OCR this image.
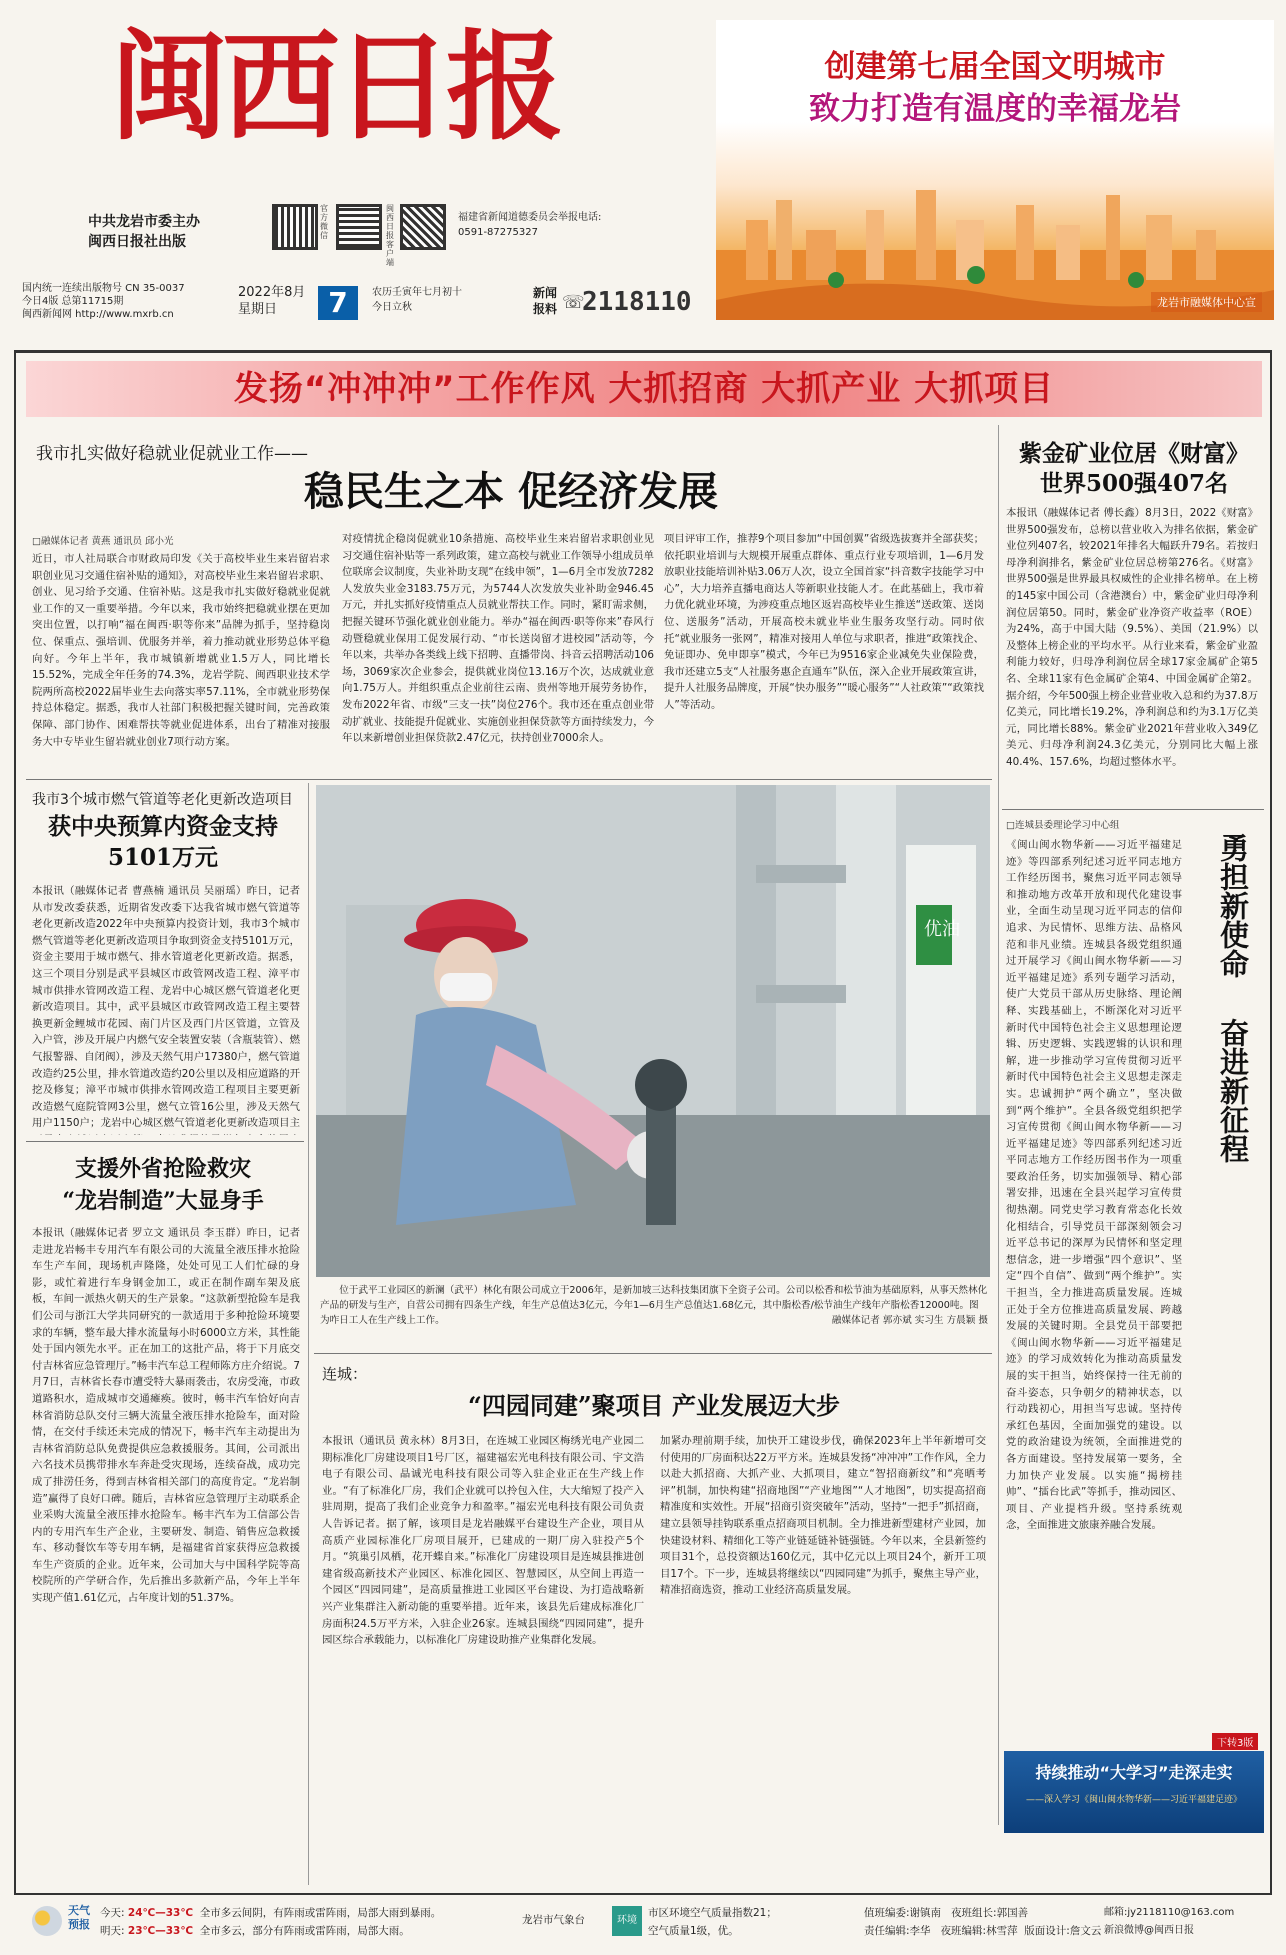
闽西日报
中共龙岩市委主办
闽西日报社出版
官方微信
闽西日报客户端
福建省新闻道德委员会举报电话:
0591-87275327
国内统一连续出版物号 CN 35-0037
今日4版 总第11715期
闽西新闻网 http://www.mxrb.cn
2022年8月
星期日
农历壬寅年七月初十
今日立秋
7	新闻
报料 ☏
2118110
创建第七届全国文明城市
致力打造有温度的幸福龙岩
龙岩市融媒体中心宣
发扬“冲冲冲”工作作风 大抓招商 大抓产业 大抓项目
我市扎实做好稳就业促就业工作——
稳民生之本 促经济发展
□融媒体记者 黄燕 通讯员 邱小光
近日，市人社局联合市财政局印发《关于高校毕业生来岩留岩求职创业见习交通住宿补贴的通知》，对高校毕业生来岩留岩求职、创业、见习给予交通、住宿补贴。这是我市扎实做好稳就业促就业工作的又一重要举措。今年以来，我市始终把稳就业摆在更加突出位置，以打响“福在闽西·职等你来”品牌为抓手，坚持稳岗位、保重点、强培训、优服务并举，着力推动就业形势总体平稳向好。今年上半年，我市城镇新增就业1.5万人，同比增长15.52%，完成全年任务的74.3%，龙岩学院、闽西职业技术学院两所高校2022届毕业生去向落实率57.11%，全市就业形势保持总体稳定。据悉，我市人社部门积极把握关键时间，完善政策保障、部门协作、困难帮扶等就业促进体系，出台了精准对接服务大中专毕业生留岩就业创业7项行动方案。
对疫情扰企稳岗促就业10条措施、高校毕业生来岩留岩求职创业见习交通住宿补贴等一系列政策，建立高校与就业工作领导小组成员单位联席会议制度，失业补助支现“在线申领”，1—6月全市发放7282人发放失业金3183.75万元，为5744人次发放失业补助金946.45万元，并扎实抓好疫情重点人员就业帮扶工作。同时，紧盯需求侧，把握关键环节强化就业创业能力。举办“福在闽西·职等你来”春风行动暨稳就业保用工促发展行动、“市长送岗留才进校园”活动等，今年以来，共举办各类线上线下招聘、直播带岗、抖音云招聘活动106场，3069家次企业参会，提供就业岗位13.16万个次，达成就业意向1.75万人。并组织重点企业前往云南、贵州等地开展劳务协作，发布2022年省、市级“三支一扶”岗位276个。我市还在重点创业带动扩就业、技能提升促就业、实施创业担保贷款等方面持续发力，今年以来新增创业担保贷款2.47亿元，扶持创业7000余人。
项目评审工作，推荐9个项目参加“中国创翼”省级选拔赛并全部获奖；依托职业培训与大规模开展重点群体、重点行业专项培训，1—6月发放职业技能培训补贴3.06万人次，设立全国首家“抖音数字技能学习中心”，大力培养直播电商达人等新职业技能人才。在此基础上，我市着力优化就业环境，为涉疫重点地区返岩高校毕业生推送“送政策、送岗位、送服务”活动，开展高校未就业毕业生服务攻坚行动。同时依托“就业服务一张网”，精准对接用人单位与求职者，推进“政策找企、免证即办、免申即享”模式，今年已为9516家企业减免失业保险费，我市还建立5支“人社服务惠企直通车”队伍，深入企业开展政策宣讲，提升人社服务品牌度，开展“快办服务”“暖心服务”“人社政策”“政策找人”等活动。
紫金矿业位居《财富》
世界500强407名
本报讯（融媒体记者 傅长鑫）8月3日，2022《财富》世界500强发布，总榜以营业收入为排名依据，紫金矿业位列407名，较2021年排名大幅跃升79名。若按归母净利润排名，紫金矿业位居总榜第276名。《财富》世界500强是世界最具权威性的企业排名榜单。在上榜的145家中国公司（含港澳台）中，紫金矿业归母净利润位居第50。同时，紫金矿业净资产收益率（ROE）为24%，高于中国大陆（9.5%）、美国（21.9%）以及整体上榜企业的平均水平。从行业来看，紫金矿业盈利能力较好，归母净利润位居全球17家金属矿企第5名、全球11家有色金属矿企第4、中国金属矿企第2。据介绍，今年500强上榜企业营业收入总和约为37.8万亿美元，同比增长19.2%，净利润总和约为3.1万亿美元，同比增长88%。紫金矿业2021年营业收入349亿美元、归母净利润24.3亿美元，分别同比大幅上涨40.4%、157.6%，均超过整体水平。
我市3个城市燃气管道等老化更新改造项目
获中央预算内资金支持
5101万元
本报讯（融媒体记者 曹燕楠 通讯员 吴丽瑶）昨日，记者从市发改委获悉，近期省发改委下达我省城市燃气管道等老化更新改造2022年中央预算内投资计划，我市3个城市燃气管道等老化更新改造项目争取到资金支持5101万元，资金主要用于城市燃气、排水管道老化更新改造。据悉，这三个项目分别是武平县城区市政管网改造工程、漳平市城市供排水管网改造工程、龙岩中心城区燃气管道老化更新改造项目。其中，武平县城区市政管网改造工程主要替换更新金鲤城市花园、南门片区及西门片区管道，立管及入户管，涉及开展户内燃气安全装置安装（含瓶装管）、燃气报警器、自闭阀），涉及天然气用户17380户，燃气管道改造约25公里，排水管道改造约20公里以及相应道路的开挖及修复；漳平市城市供排水管网改造工程项目主要更新改造燃气庭院管网3公里，燃气立管16公里，涉及天然气用户1150户；龙岩中心城区燃气管道老化更新改造项目主
支援外省抢险救灾
“龙岩制造”大显身手
本报讯（融媒体记者 罗立文 通讯员 李玉群）昨日，记者走进龙岩畅丰专用汽车有限公司的大流量全液压排水抢险车生产车间，现场机声隆隆，处处可见工人们忙碌的身影，或忙着进行车身钢金加工，或正在制作副车架及底板，车间一派热火朝天的生产景象。“这款新型抢险车是我们公司与浙江大学共同研究的一款适用于多种抢险环境要求的车辆，整车最大排水流量每小时6000立方米，其性能处于国内领先水平。正在加工的这批产品，将于下月底交付吉林省应急管理厅。”畅丰汽车总工程师陈方庄介绍说。7月7日，吉林省长春市遭受特大暴雨袭击，农房受淹，市政道路积水，造成城市交通瘫痪。彼时，畅丰汽车恰好向吉林省消防总队交付三辆大流量全液压排水抢险车，面对险情，在交付手续还未完成的情况下，畅丰汽车主动提出为吉林省消防总队免费提供应急救援服务。其间，公司派出六名技术员携带排水车奔赴受灾现场，连续奋战，成功完成了排涝任务，得到吉林省相关部门的高度肯定。“龙岩制造”赢得了良好口碑。随后，吉林省应急管理厅主动联系企业采购大流量全液压排水抢险车。畅丰汽车为工信部公告内的专用汽车生产企业，主要研发、制造、销售应急救援车、移动餐饮车等专用车辆，是福建省首家获得应急救援车生产资质的企业。近年来，公司加大与中国科学院等高校院所的产学研合作，先后推出多款新产品，今年上半年实现产值1.61亿元，占年度计划的51.37%。
优油
位于武平工业园区的新澜（武平）林化有限公司成立于2006年，是新加坡三达科技集团旗下全资子公司。公司以松香和松节油为基础原料，从事天然林化产品的研发与生产，自营公司拥有四条生产线，年生产总值达3亿元，今年1—6月生产总值达1.68亿元，其中脂松香/松节油生产线年产脂松香12000吨。图为咋日工人在生产线上工作。	融媒体记者 郭亦斌 实习生 方晨颖 摄
连城：
“四园同建”聚项目 产业发展迈大步
本报讯（通讯员 黄永林）8月3日，在连城工业园区梅绣光电产业园二期标准化厂房建设项目1号厂区，福建福宏光电科技有限公司、宇文浩电子有限公司、晶诚光电科技有限公司等入驻企业正在生产线上作业。“有了标准化厂房，我们企业就可以拎包入住，大大缩短了投产入驻周期，提高了我们企业竞争力和盈率。”福宏光电科技有限公司负责人告诉记者。据了解，该项目是龙岩融媒平台建设生产企业，项目从高质产业园标准化厂房项目展开，已建成的一期厂房入驻投产5个月。“筑巢引凤栖，花开蝶自来。”标准化厂房建设项目是连城县推进创建省级高新技术产业园区、标准化园区、智慧园区，从空间上再造一个园区“四园同建”，是高质量推进工业园区平台建设、为打造战略新兴产业集群注入新动能的重要举措。近年来，该县先后建成标准化厂房面积24.5万平方米，入驻企业26家。连城县围绕“四园同建”，提升园区综合承载能力，以标准化厂房建设助推产业集群化发展。
加紧办理前期手续，加快开工建设步伐，确保2023年上半年新增可交付使用的厂房面积达22万平方米。连城县发扬“冲冲冲”工作作风，全力以赴大抓招商、大抓产业、大抓项目，建立“智招商新纹”和“亮晒考评”机制，加快构建“招商地图”“产业地图”“人才地图”，切实提高招商精准度和实效性。开展“招商引资突破年”活动，坚持“一把手”抓招商，建立县领导挂钩联系重点招商项目机制。全力推进新型建材产业园，加快建设材料、精细化工等产业链延链补链强链。今年以来，全县新签约项目31个，总投资额达160亿元，其中亿元以上项目24个，新开工项目17个。下一步，连城县将继续以“四园同建”为抓手，聚焦主导产业，精准招商选资，推动工业经济高质量发展。
□连城县委理论学习中心组
《闽山闽水物华新——习近平福建足迹》等四部系列纪述习近平同志地方工作经历图书，聚焦习近平同志领导和推动地方改革开放和现代化建设事业，全面生动呈现习近平同志的信仰追求、为民情怀、思维方法、品格风范和非凡业绩。连城县各级党组织通过开展学习《闽山闽水物华新——习近平福建足迹》系列专题学习活动，使广大党员干部从历史脉络、理论阐释、实践基础上，不断深化对习近平新时代中国特色社会主义思想理论逻辑、历史逻辑、实践逻辑的认识和理解，进一步推动学习宣传贯彻习近平新时代中国特色社会主义思想走深走实。忠诚拥护“两个确立”，坚决做到“两个维护”。全县各级党组织把学习宣传贯彻《闽山闽水物华新——习近平福建足迹》等四部系列纪述习近平同志地方工作经历图书作为一项重要政治任务，切实加强领导、精心部署安排，迅速在全县兴起学习宣传贯彻热潮。同党史学习教育常态化长效化相结合，引导党员干部深刻领会习近平总书记的深厚为民情怀和坚定理想信念，进一步增强“四个意识”、坚定“四个自信”、做到“两个维护”。实干担当，全力推进高质量发展。连城正处于全方位推进高质量发展、跨越发展的关键时期。全县党员干部要把《闽山闽水物华新——习近平福建足迹》的学习成效转化为推动高质量发展的实干担当，始终保持一往无前的奋斗姿态，只争朝夕的精神状态，以行动践初心，用担当写忠诚。坚持传承红色基因，全面加强党的建设。以党的政治建设为统领，全面推进党的各方面建设。坚持发展第一要务，全力加快产业发展。以实施“揭榜挂帅”、“擂台比武”等抓手，推动园区、项目、产业提档升级。坚持系统观念，全面推进文旅康养融合发展。
勇担新使命  奋进新征程
下转3版
持续推动“大学习”走深走实
——深入学习《闽山闽水物华新——习近平福建足迹》
天气预报
今天: 24℃—33℃ 全市多云间阴，有阵雨或雷阵雨，局部大雨到暴雨。
明天: 23℃—33℃ 全市多云，部分有阵雨或雷阵雨，局部大雨。
龙岩市气象台	环境
市区环境空气质量指数21；
空气质量1级，优。
值班编委:谢镇南 夜班组长:郭国善
责任编辑:李华 夜班编辑:林雪萍 版面设计:詹文云
邮箱:jy2118110@163.com
新浪微博@闽西日报
